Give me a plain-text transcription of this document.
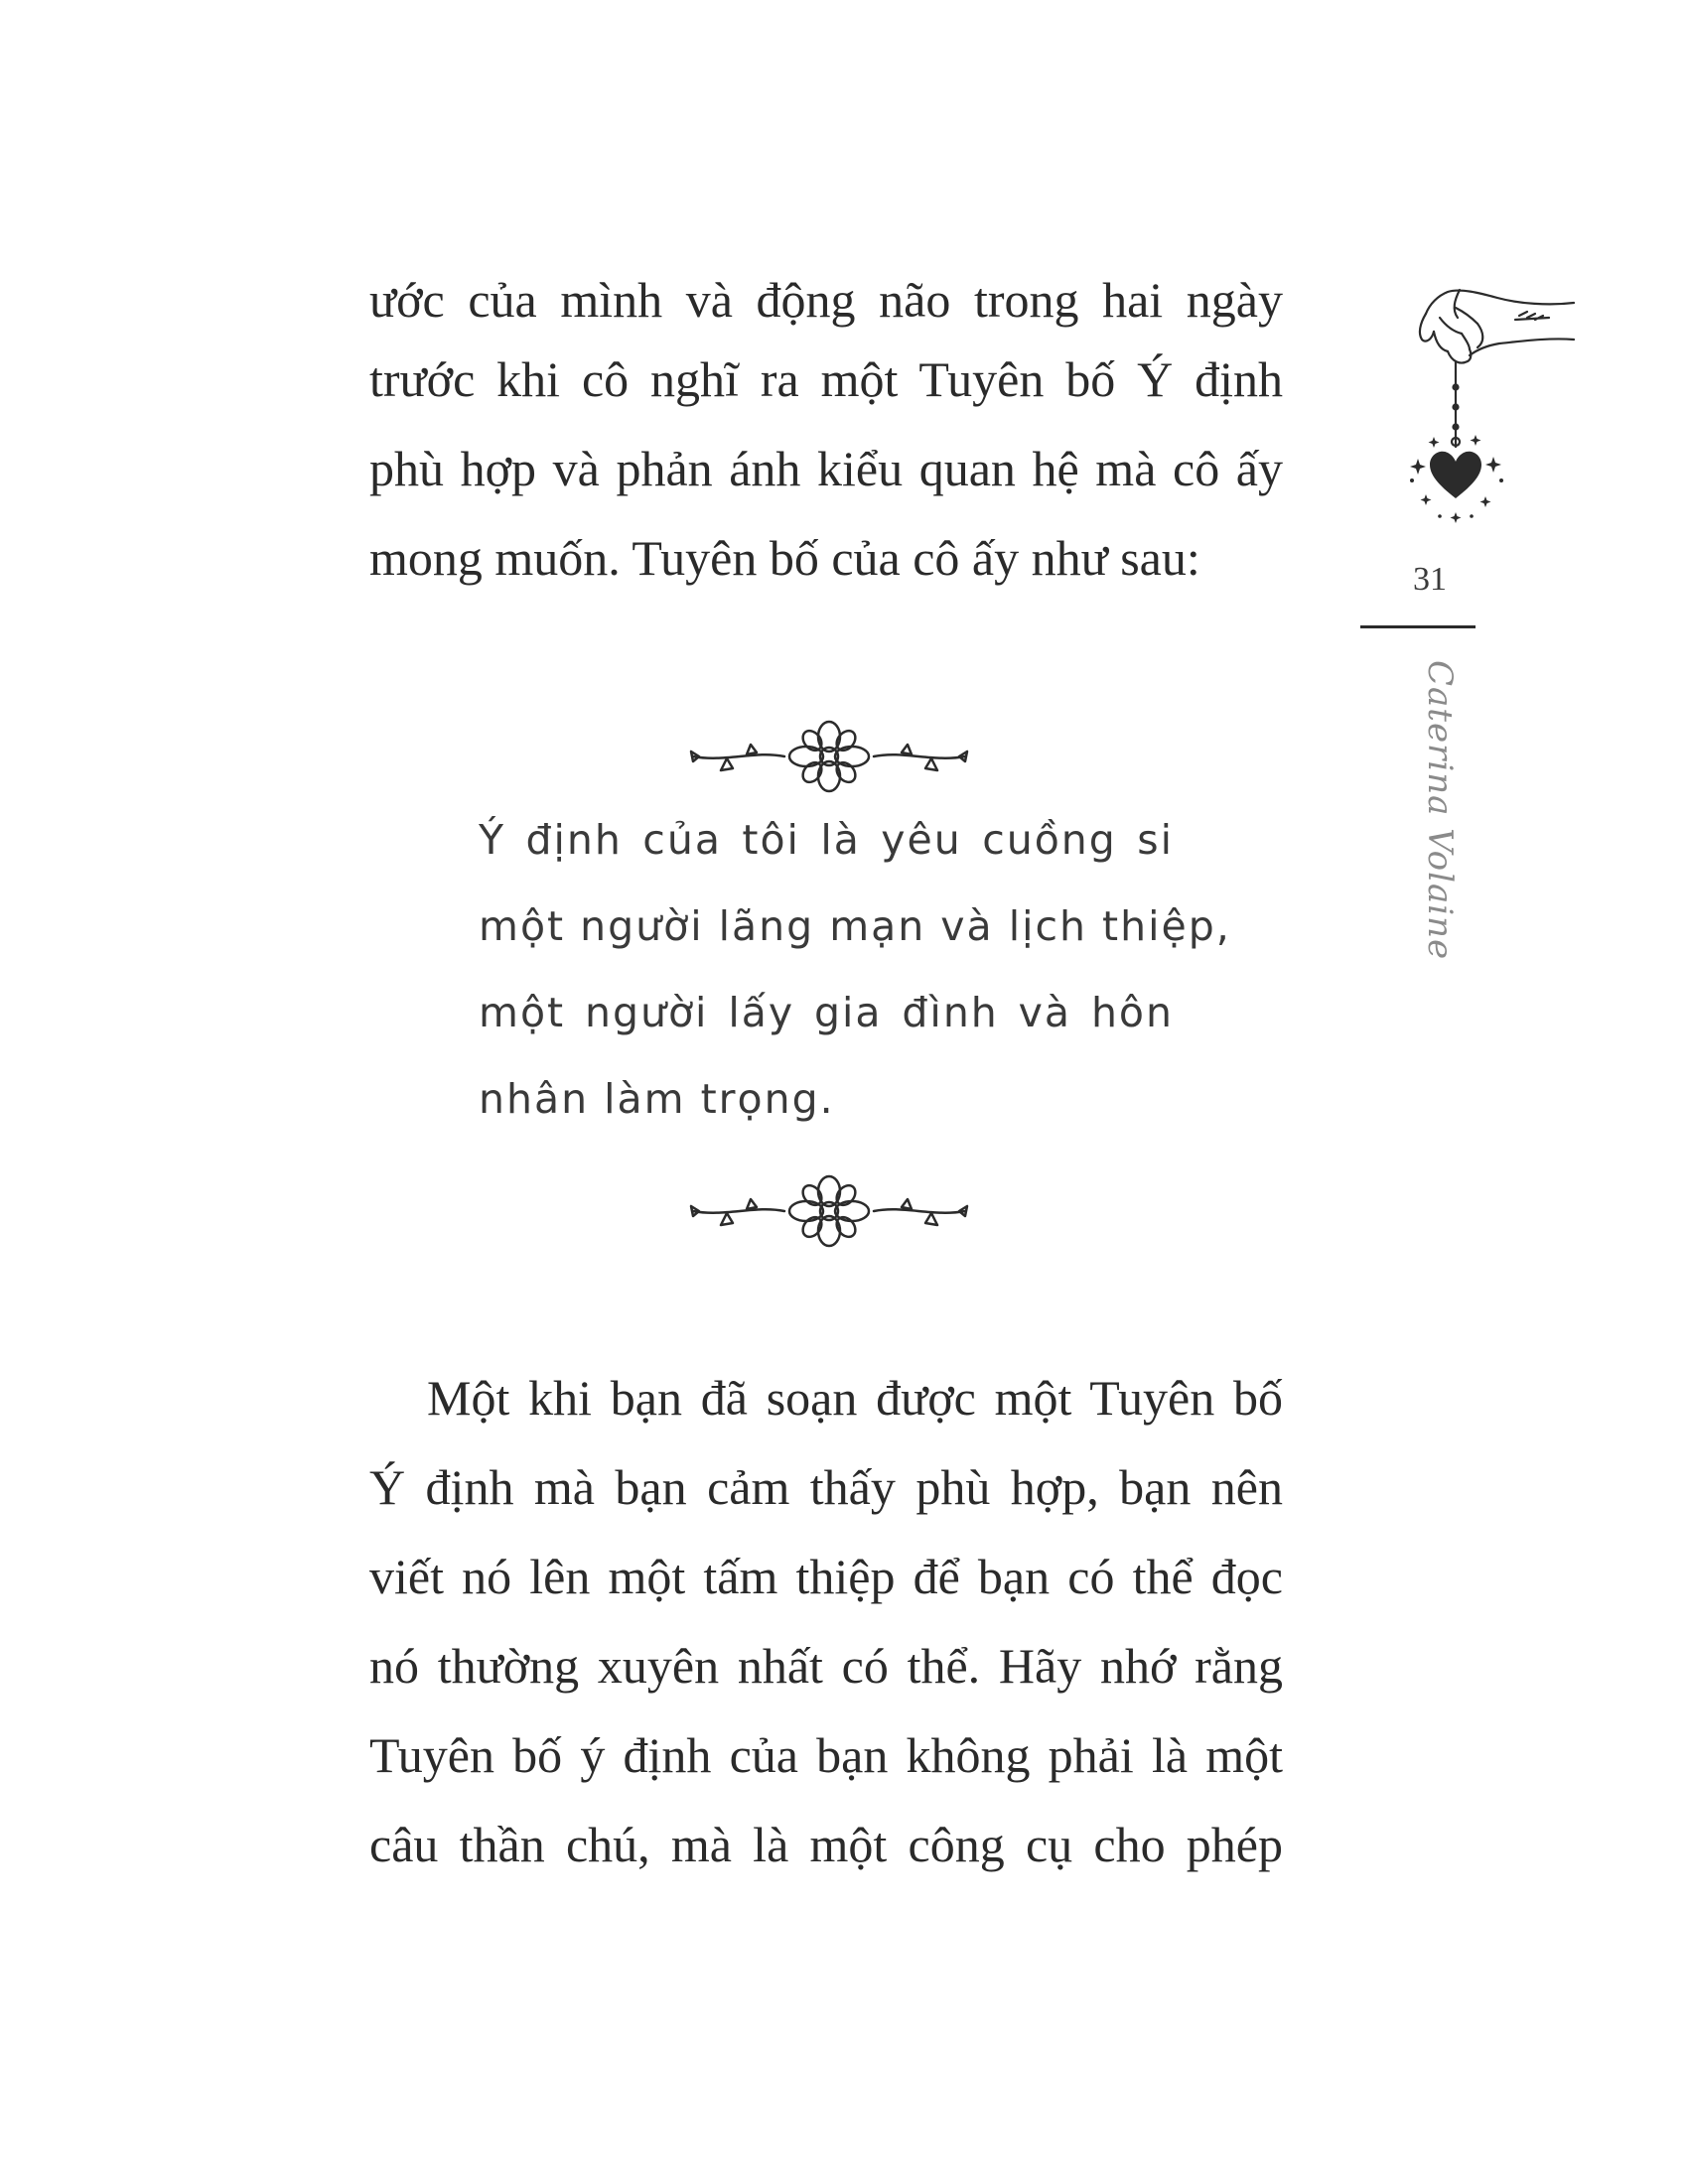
ước của mình và động não trong hai ngày
trước khi cô nghĩ ra một Tuyên bố Ý định
phù hợp và phản ánh kiểu quan hệ mà cô ấy
mong muốn. Tuyên bố của cô ấy như sau:
Ý định của tôi là yêu cuồng si
một người lãng mạn và lịch thiệp,
một người lấy gia đình và hôn
nhân làm trọng.
Một khi bạn đã soạn được một Tuyên bố
Ý định mà bạn cảm thấy phù hợp, bạn nên
viết nó lên một tấm thiệp để bạn có thể đọc
nó thường xuyên nhất có thể. Hãy nhớ rằng
Tuyên bố ý định của bạn không phải là một
câu thần chú, mà là một công cụ cho phép
31
Caterina Volaine
